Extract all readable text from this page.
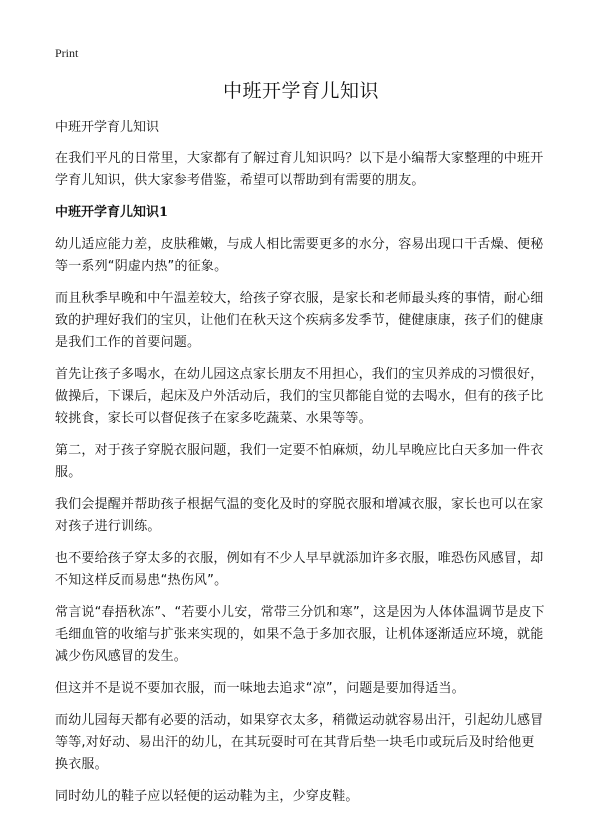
Print
中班开学育儿知识

中班开学育儿知识

在我们平凡的日常里，大家都有了解过育儿知识吗？以下是小编帮大家整理的中班开学育儿知识，供大家参考借鉴，希望可以帮助到有需要的朋友。

中班开学育儿知识1

幼儿适应能力差，皮肤稚嫩，与成人相比需要更多的水分，容易出现口干舌燥、便秘等一系列“阴虚内热”的征象。

而且秋季早晚和中午温差较大，给孩子穿衣服，是家长和老师最头疼的事情，耐心细致的护理好我们的宝贝，让他们在秋天这个疾病多发季节，健健康康，孩子们的健康是我们工作的首要问题。

首先让孩子多喝水，在幼儿园这点家长朋友不用担心，我们的宝贝养成的习惯很好，做操后，下课后，起床及户外活动后，我们的宝贝都能自觉的去喝水，但有的孩子比较挑食，家长可以督促孩子在家多吃蔬菜、水果等等。

第二，对于孩子穿脱衣服问题，我们一定要不怕麻烦，幼儿早晚应比白天多加一件衣服。

我们会提醒并帮助孩子根据气温的变化及时的穿脱衣服和增减衣服，家长也可以在家对孩子进行训练。

也不要给孩子穿太多的衣服，例如有不少人早早就添加许多衣服，唯恐伤风感冒，却不知这样反而易患“热伤风”。

常言说“春捂秋冻”、“若要小儿安，常带三分饥和寒”，这是因为人体体温调节是皮下毛细血管的收缩与扩张来实现的，如果不急于多加衣服，让机体逐渐适应环境，就能减少伤风感冒的发生。

但这并不是说不要加衣服，而一味地去追求“凉”，问题是要加得适当。

而幼儿园每天都有必要的活动，如果穿衣太多，稍微运动就容易出汗，引起幼儿感冒等等,对好动、易出汗的幼儿，在其玩耍时可在其背后垫一块毛巾或玩后及时给他更换衣服。

同时幼儿的鞋子应以轻便的运动鞋为主，少穿皮鞋。
